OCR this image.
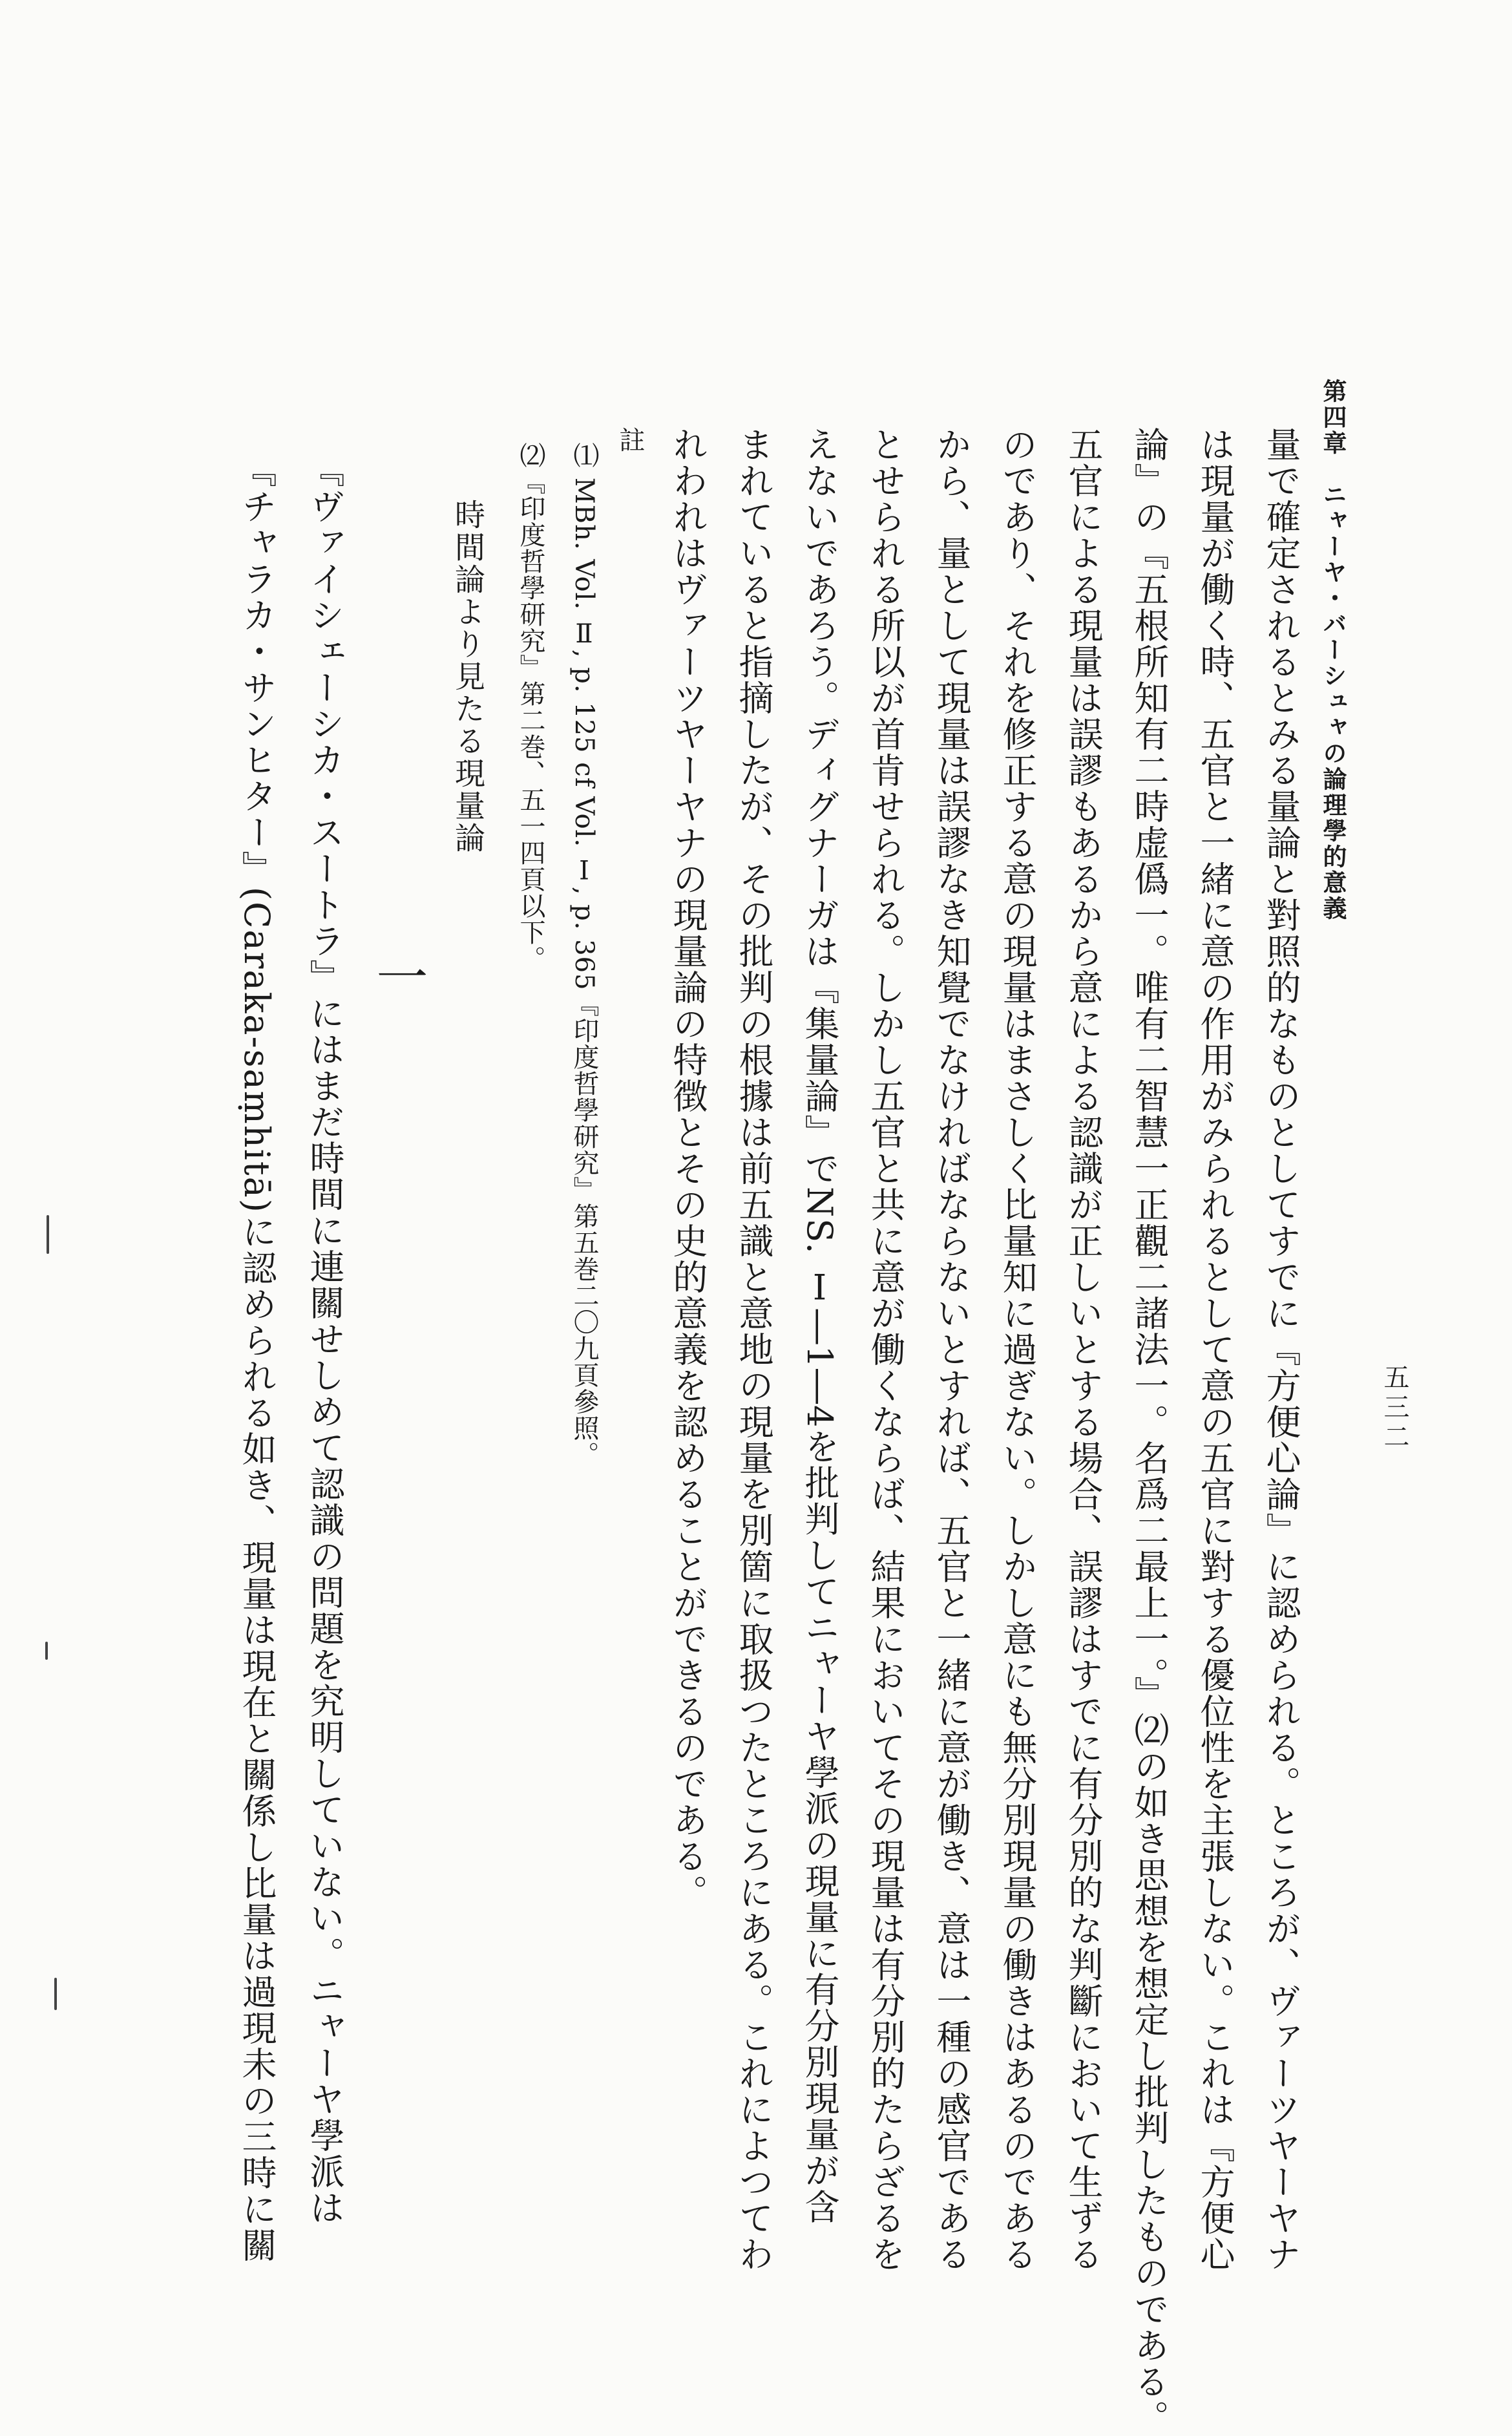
第四章　ニャーヤ・バーシュャの論理學的意義
五三二
量で確定されるとみる量論と對照的なものとしてすでに『方便心論』に認められる。ところが、ヴァーツヤーヤナ
は現量が働く時、五官と一緒に意の作用がみられるとして意の五官に對する優位性を主張しない。これは『方便心
論』の『五根所知有二時虚僞一。唯有二智慧一正觀二諸法一。名爲二最上一。』⑵の如き思想を想定し批判したものである。
五官による現量は誤謬もあるから意による認識が正しいとする場合、誤謬はすでに有分別的な判斷において生ずる
のであり、それを修正する意の現量はまさしく比量知に過ぎない。しかし意にも無分別現量の働きはあるのである
から、量として現量は誤謬なき知覺でなければならないとすれば、五官と一緒に意が働き、意は一種の感官である
とせられる所以が首肯せられる。しかし五官と共に意が働くならば、結果においてその現量は有分別的たらざるを
えないであろう。ディグナーガは『集量論』でNS. Ⅰ―1―4を批判してニャーヤ學派の現量に有分別現量が含
まれていると指摘したが、その批判の根據は前五識と意地の現量を別箇に取扱つたところにある。これによつてわ
れわれはヴァーツヤーヤナの現量論の特徴とその史的意義を認めることができるのである。
註
⑴ MBh. Vol. Ⅱ, p. 125 cf Vol. Ⅰ, p. 365『印度哲學研究』第五巻二〇九頁參照。
⑵『印度哲學研究』第二巻、五一四頁以下。
時間論より見たる現量論
一
『ヴァイシェーシカ・スートラ』にはまだ時間に連關せしめて認識の問題を究明していない。ニャーヤ學派は
『チャラカ・サンヒター』(Caraka-saṃhitā)に認められる如き、現量は現在と關係し比量は過現未の三時に關
